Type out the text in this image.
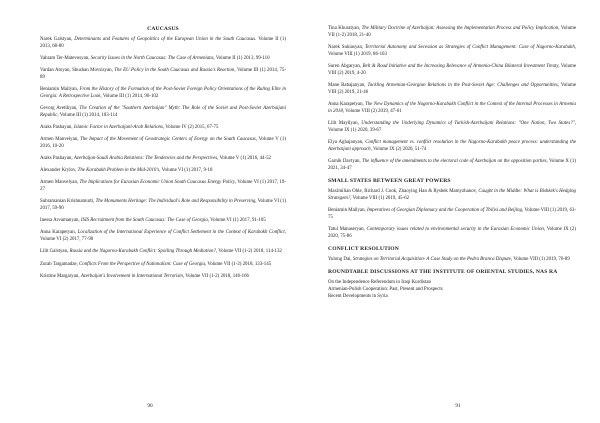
CAUCASUS

Narek Galstyan, Determinants and Features of Geopolitics of the European Union in the South Caucasus. Volume II (1) 2013, 68-80

Vahram Ter-Matevosyan, Security Issues in the North Caucasus: The Case of Armenians, Volume II (1) 2013, 99-110

Vardan Atoyan, Shushan Movsisyan, The EU Policy in the South Caucasus and Russia's Reaction, Volume III (1) 2014, 75-89

Beniamin Mailyan, From the History of the Formation of the Post-Soviet Foreign Policy Orientations of the Ruling Elite in Georgia: A Retrospective Look, Volume III (1) 2014, 90-102

Gevorg Avetikyan, The Creation of the "Southern Azerbaijan" Myth: The Role of the Soviet and Post-Soviet Azerbaijani Republic, Volume III (1) 2014, 103-114

Araks Pashayan, Islamic Factor in Azerbaijani-Arab Relations, Volume IV (2) 2015, 67-75

Armen Manvelyan, The Impact of the Movement of Geostrategic Centers of Energy on the South Caucasus, Volume V (1) 2016, 10-20

Araks Pashayan, Azerbaijan-Saudi Arabia Relations: The Tendencies and the Perspectives, Volume V (1) 2016, 44-52

Alexander Krylov, The Karabakh Problem in the Mid-2010's, Volume VI (1) 2017, 9-18

Armen Manvelyan, The Implications for Eurasian Economic Union South Caucasus Energy Policy, Volume VI (1) 2017, 19-27

Subramanian Krishnamurti, The Monuments Heritage: The Individual's Role and Responsibility in Preserving, Volume VI (1) 2017, 59-90

Inessa Arvamanyan, ISIS Recruitment from the South Caucasus: The Case of Georgia, Volume VI (1) 2017, 91-105

Anna Karapetyan, Localization of the International Experience of Conflict Settlement in the Context of Karabakh Conflict, Volume VI (2) 2017, 77-90

Lilit Galstyan, Russia and the Nagorno-Karabakh Conflict: Spoiling Through Mediation?, Volume VII (1-2) 2018, 114-132

Zurab Targamadze, Conflicts From the Perspective of Nationalism: Case of Georgia, Volume VII (1-2) 2018, 133-145

Kristine Margaryan, Azerbaijan's Involvement in International Terrorism, Volume VII (1-2) 2018, 146-166

90

Tina Khuratyan, The Military Doctrine of Azerbaijan: Assessing the Implementation Process and Policy Implication, Volume VII (1-2) 2018, 21-40

Narek Sukiasyan, Territorial Autonomy and Secession as Strategies of Conflict Management: Case of Nagorno-Karabakh, Volume VIII (1) 2019, 86-103

Suren Abgaryan, Belt & Road Initiative and the Increasing Relevance of Armenia-China Bilateral Investment Treaty, Volume VIII (2) 2019, 4-20

Mane Babajanyan, Tackling Armenian-Georgian Relations in the Post-Soviet Age: Challenges and Opportunities, Volume VIII (2) 2019, 21-46

Anna Karapetyan, The New Dynamics of the Nagorno-Karabakh Conflict in the Context of the Internal Processes in Armenia in 2018, Volume VIII (2) 2019, 47-61

Lilit Mayilyan, Understanding the Underlying Dynamics of Turkish-Azerbaijani Relations: "One Nation, Two States?", Volume IX (1) 2020, 39-67

Elya Aghajanyan, Conflict management vs. conflict resolution in the Nagorno-Karabakh peace process: understanding the Azerbaijani approach, Volume IX (2) 2020, 51-74

Garnik Davtyan, The influence of the amendments to the electoral code of Azerbaijan on the opposition parties, Volume X (1) 2021, 34-47

SMALL STATES BETWEEN GREAT POWERS

Maximilian Ohle, Richard J. Cook, Zhaoying Han & Rysbek Mamyzhanov, Caught in the Middle: What is Bishkek's Hedging Strategem?, Volume VIII (1) 2019, 45-62

Beniamin Mailyan, Imperatives of Georgian Diplomacy and the Cooperation of Tbilisi and Beijing, Volume VIII (1) 2019, 63-75

Tatul Manaseryan, Contemporary issues related to environmental security in the Eurasian Economic Union, Volume IX (2) 2020, 75-86

CONFLICT RESOLUTION

Yulong Dai, Strategies on Territorial Acquisition- A Case Study on the Pedra Branca Dispute, Volume VIII (1) 2019, 76-89

ROUNDTABLE DISCUSSIONS AT THE INSTITUTE OF ORIENTAL STUDIES, NAS RA

On the Independence Referendum in Iraqi Kurdistan

Armenian-Polish Cooperation: Past, Present and Prospects

Recent Developments in Syria

91
